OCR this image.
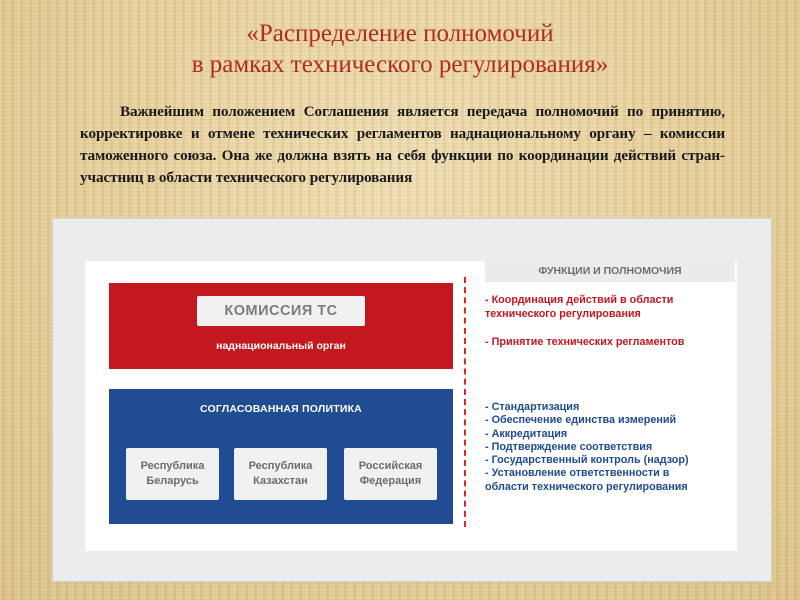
«Распределение полномочий
в рамках технического регулирования»
Важнейшим положением Соглашения является передача полномочий по принятию, корректировке и отмене технических регламентов наднациональному органу – комиссии таможенного союза. Она же должна взять на себя функции по координации действий стран-участниц в области технического регулирования
КОМИССИЯ ТС
наднациональный орган
СОГЛАСОВАННАЯ ПОЛИТИКА
Республика
Беларусь
Республика
Казахстан
Российская
Федерация
ФУНКЦИИ И ПОЛНОМОЧИЯ
- Координация действий в области
технического регулирования
- Принятие технических регламентов
- Стандартизация
- Обеспечение единства измерений
- Аккредитация
- Подтверждение соответствия
- Государственный контроль (надзор)
- Установление ответственности в
области технического регулирования
